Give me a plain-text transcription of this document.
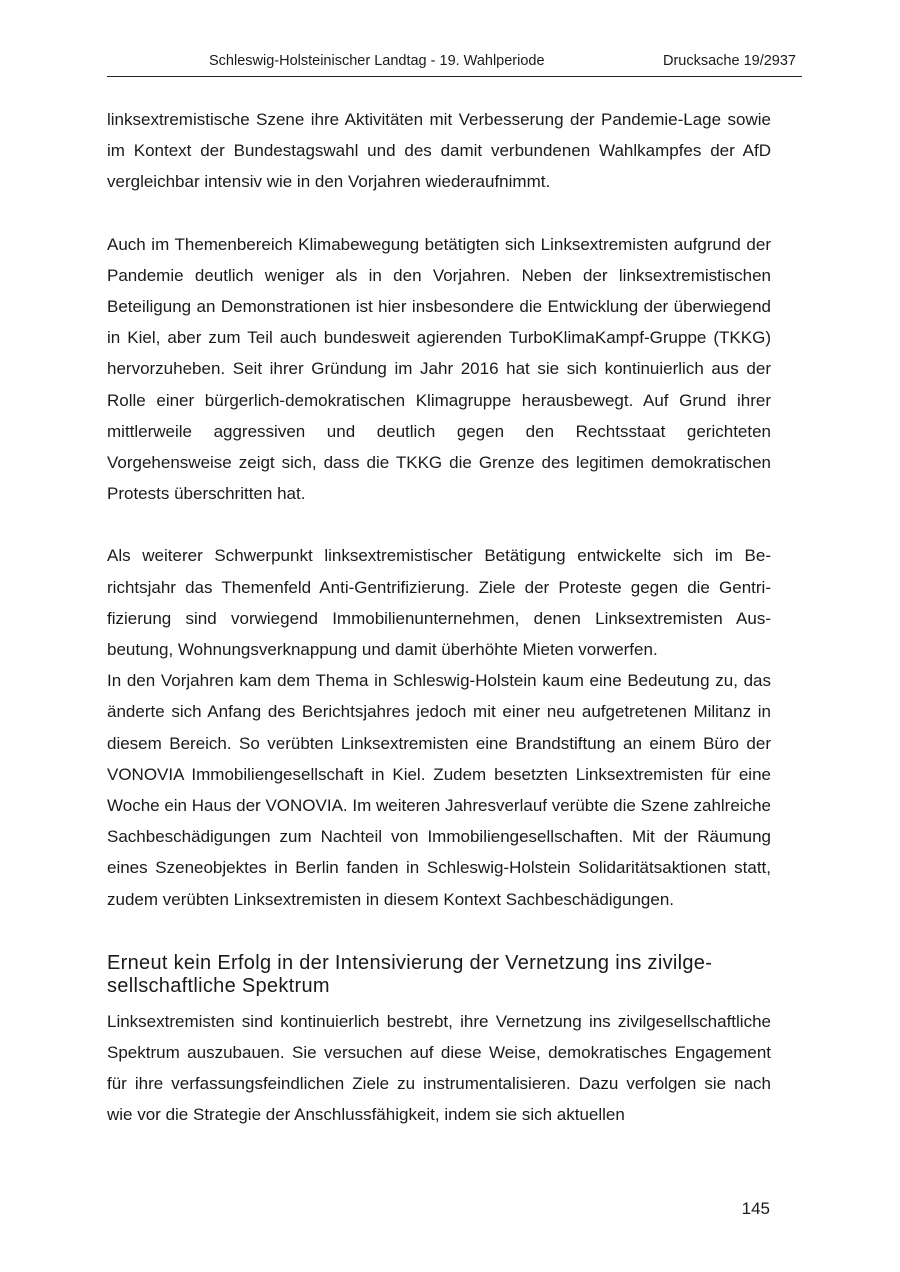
Schleswig-Holsteinischer Landtag - 19. Wahlperiode	Drucksache 19/2937

linksextremistische Szene ihre Aktivitäten mit Verbesserung der Pandemie-Lage sowie im Kontext der Bundestagswahl und des damit verbundenen Wahlkampfes der AfD vergleichbar intensiv wie in den Vorjahren wiederaufnimmt.

Auch im Themenbereich Klimabewegung betätigten sich Linksextremisten aufgrund der Pandemie deutlich weniger als in den Vorjahren. Neben der linksextremistischen Beteiligung an Demonstrationen ist hier insbesondere die Entwicklung der überwiegend in Kiel, aber zum Teil auch bundesweit agierenden TurboKlimaKampf-Gruppe (TKKG) hervorzuheben. Seit ihrer Gründung im Jahr 2016 hat sie sich kontinuierlich aus der Rolle einer bürgerlich-demokratischen Klimagruppe herausbewegt. Auf Grund ihrer mittlerweile aggressiven und deutlich gegen den Rechtsstaat gerichteten Vorgehensweise zeigt sich, dass die TKKG die Grenze des legitimen demokratischen Protests überschritten hat.

Als weiterer Schwerpunkt linksextremistischer Betätigung entwickelte sich im Berichtsjahr das Themenfeld Anti-Gentrifizierung. Ziele der Proteste gegen die Gentrifizierung sind vorwiegend Immobilienunternehmen, denen Linksextremisten Ausbeutung, Wohnungsverknappung und damit überhöhte Mieten vorwerfen.

In den Vorjahren kam dem Thema in Schleswig-Holstein kaum eine Bedeutung zu, das änderte sich Anfang des Berichtsjahres jedoch mit einer neu aufgetretenen Militanz in diesem Bereich. So verübten Linksextremisten eine Brandstiftung an einem Büro der VONOVIA Immobiliengesellschaft in Kiel. Zudem besetzten Linksextremisten für eine Woche ein Haus der VONOVIA. Im weiteren Jahresverlauf verübte die Szene zahlreiche Sachbeschädigungen zum Nachteil von Immobiliengesellschaften. Mit der Räumung eines Szeneobjektes in Berlin fanden in Schleswig-Holstein Solidaritätsaktionen statt, zudem verübten Linksextremisten in diesem Kontext Sachbeschädigungen.

Erneut kein Erfolg in der Intensivierung der Vernetzung ins zivilgesellschaftliche Spektrum

Linksextremisten sind kontinuierlich bestrebt, ihre Vernetzung ins zivilgesellschaftliche Spektrum auszubauen. Sie versuchen auf diese Weise, demokratisches Engagement für ihre verfassungsfeindlichen Ziele zu instrumentalisieren. Dazu verfolgen sie nach wie vor die Strategie der Anschlussfähigkeit, indem sie sich aktuellen

145
